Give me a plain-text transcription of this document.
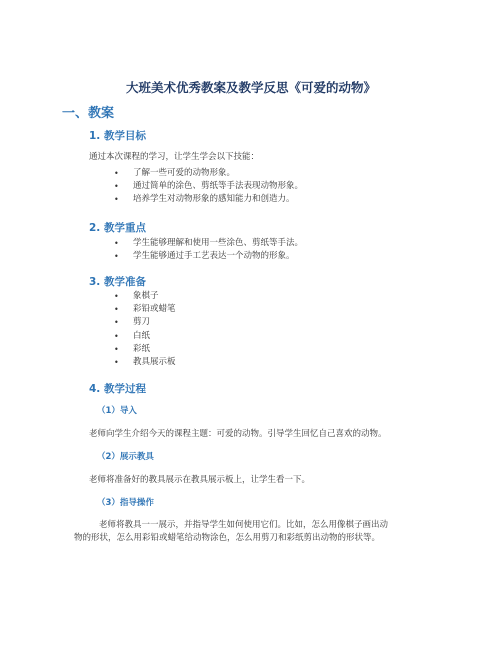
大班美术优秀教案及教学反思《可爱的动物》
一、教案
1. 教学目标
通过本次课程的学习，让学生学会以下技能：
• 了解一些可爱的动物形象。
• 通过简单的涂色、剪纸等手法表现动物形象。
• 培养学生对动物形象的感知能力和创造力。
2. 教学重点
• 学生能够理解和使用一些涂色、剪纸等手法。
• 学生能够通过手工艺表达一个动物的形象。
3. 教学准备
• 象棋子
• 彩铅或蜡笔
• 剪刀
• 白纸
• 彩纸
• 教具展示板
4. 教学过程
（1）导入
老师向学生介绍今天的课程主题：可爱的动物。引导学生回忆自己喜欢的动物。
（2）展示教具
老师将准备好的教具展示在教具展示板上，让学生看一下。
（3）指导操作
老师将教具一一展示，并指导学生如何使用它们。比如，怎么用像棋子画出动
物的形状，怎么用彩铅或蜡笔给动物涂色，怎么用剪刀和彩纸剪出动物的形状等。
